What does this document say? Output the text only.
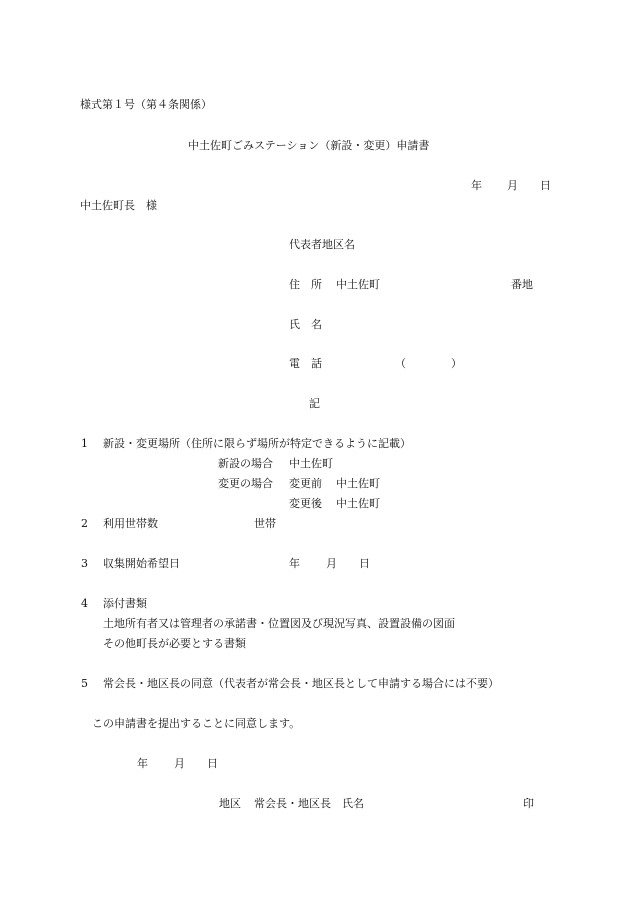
様式第１号（第４条関係）
中土佐町ごみステーション（新設・変更）申請書
年 月 日
中土佐町長　様
代表者地区名
住　所 中土佐町	番地
氏　名
電　話	（	）
記
1 新設・変更場所（住所に限らず場所が特定できるように記載）
新設の場合 中土佐町
変更の場合 変更前 中土佐町
変更後 中土佐町
2 利用世帯数	世帯
3 収集開始希望日	年 月 日
4 添付書類
土地所有者又は管理者の承諾書・位置図及び現況写真、設置設備の図面
その他町長が必要とする書類
5 常会長・地区長の同意（代表者が常会長・地区長として申請する場合には不要）
この申請書を提出することに同意します。
年 月 日
地区 常会長・地区長　氏名	印
